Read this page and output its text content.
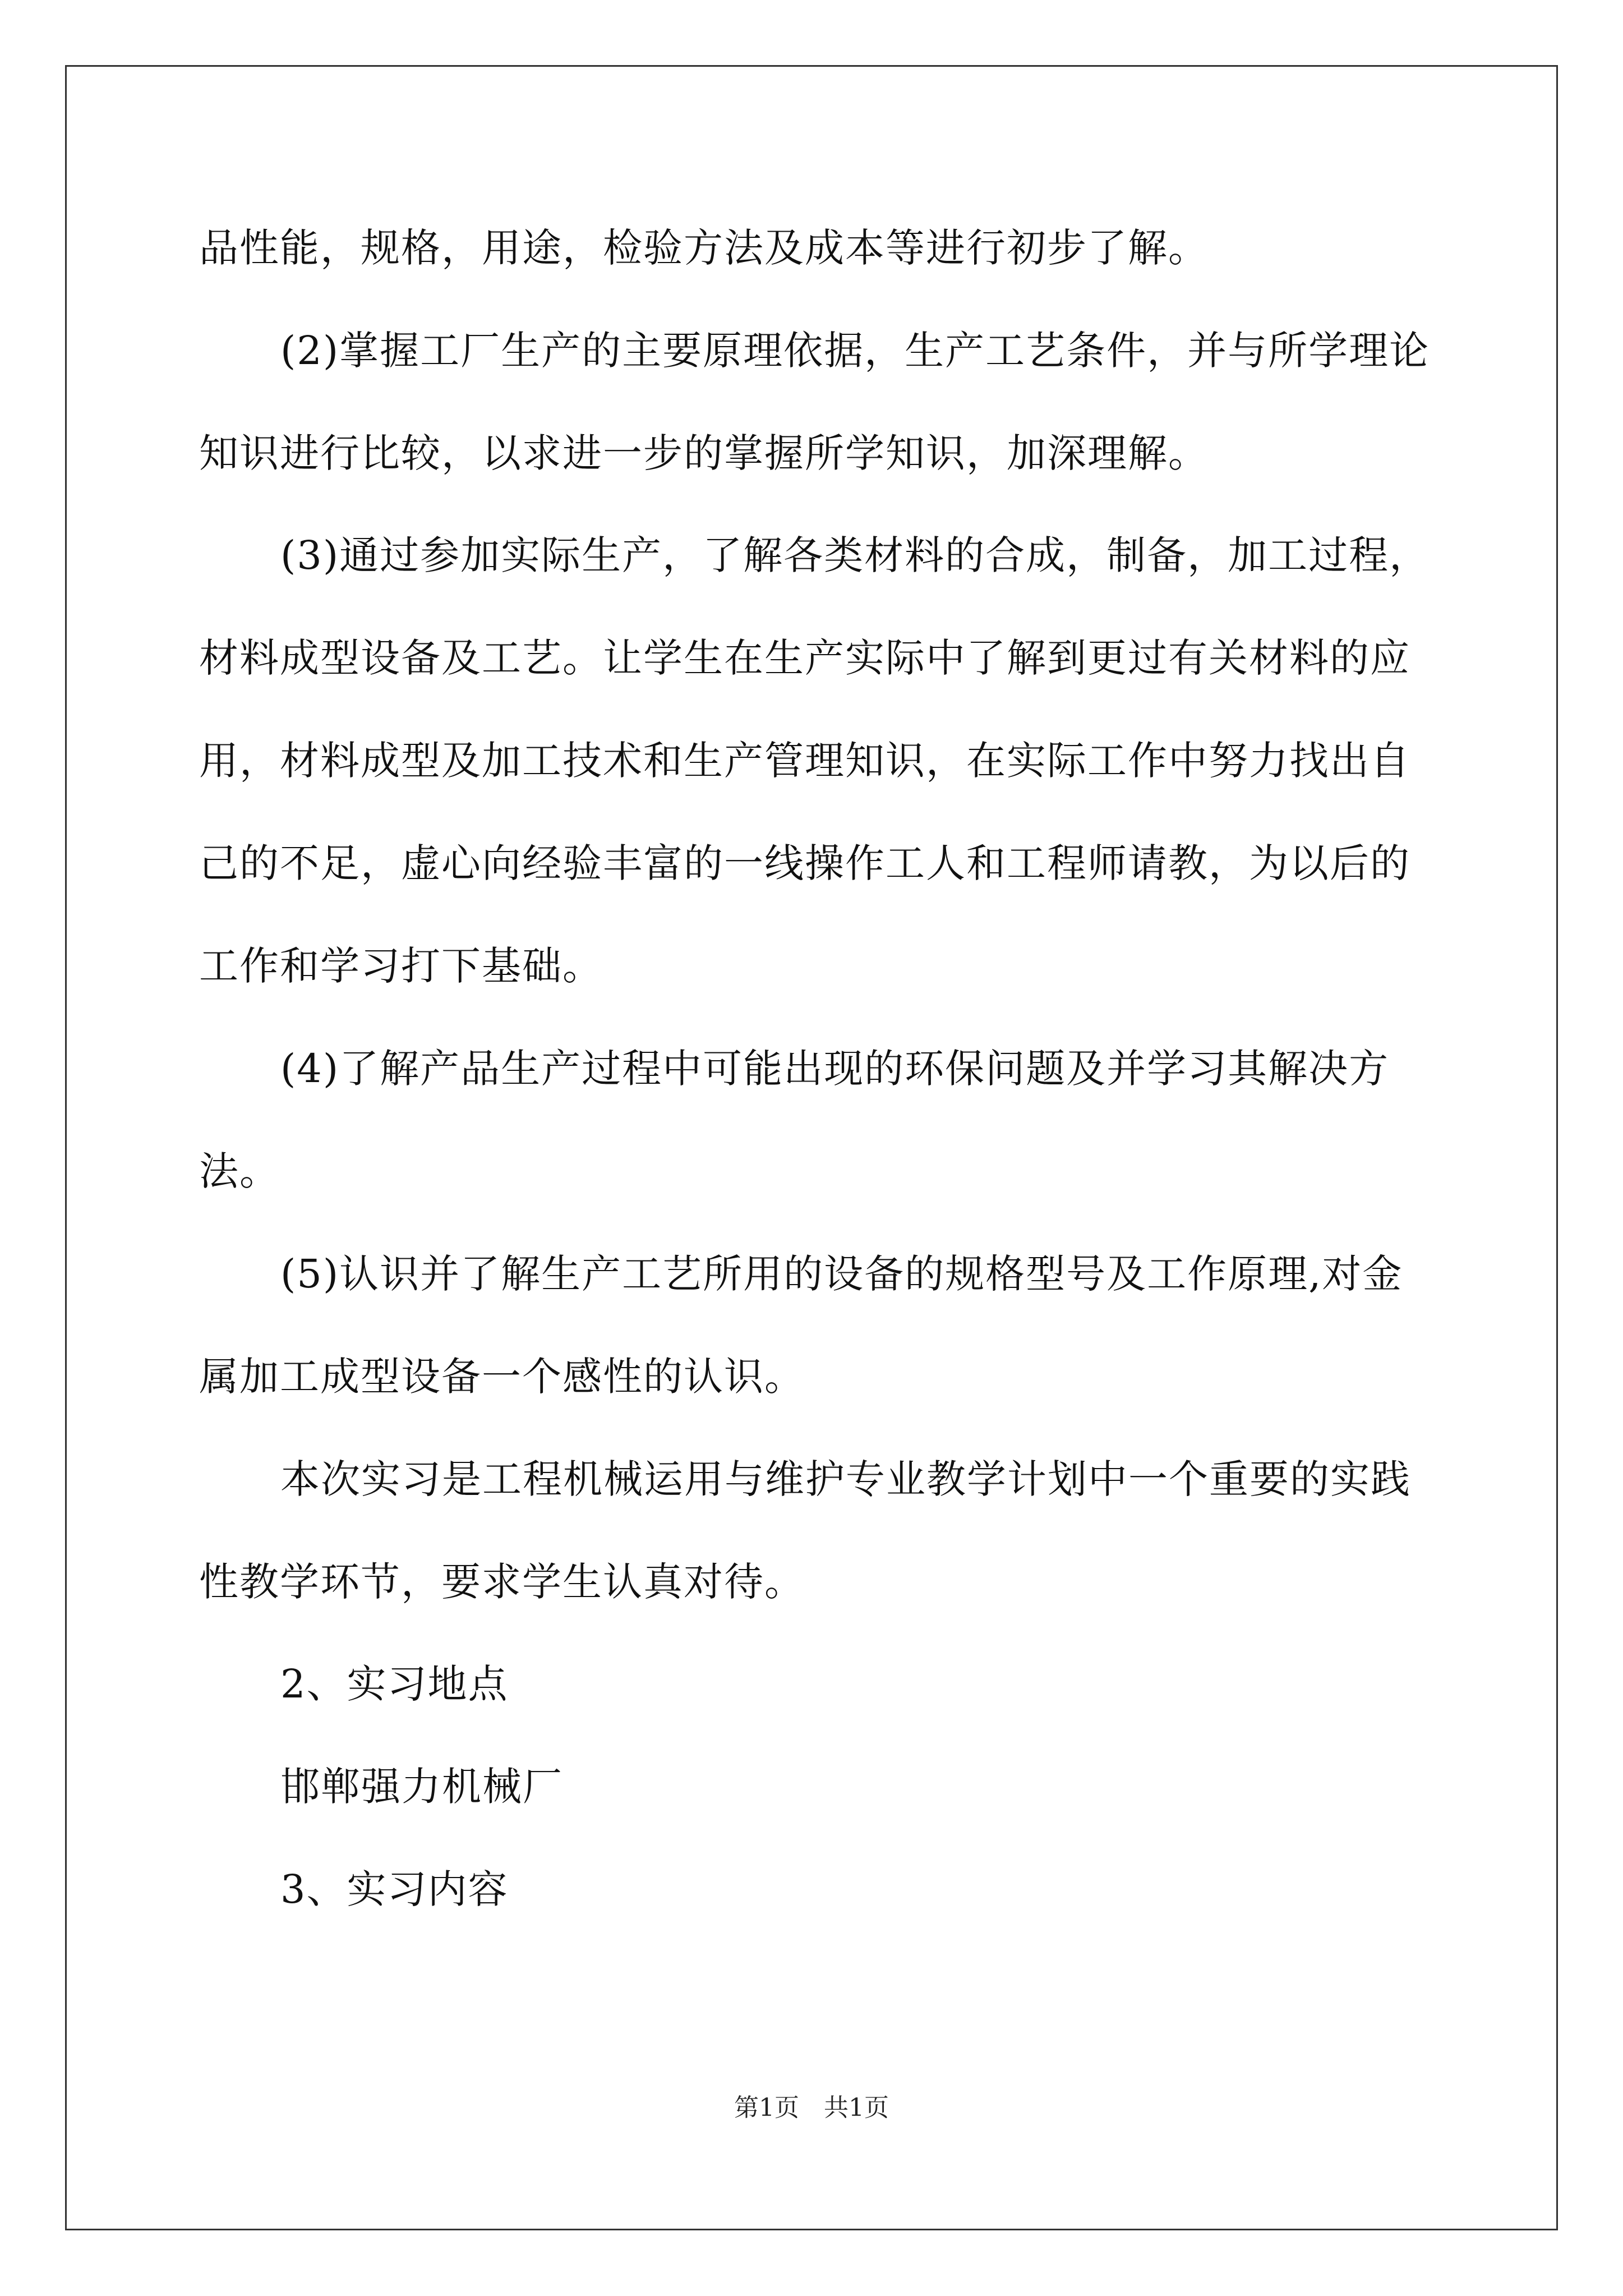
品性能，规格，用途，检验方法及成本等进行初步了解。
(2)掌握工厂生产的主要原理依据，生产工艺条件，并与所学理论
知识进行比较，以求进一步的掌握所学知识，加深理解。
(3)通过参加实际生产，了解各类材料的合成，制备，加工过程，
材料成型设备及工艺。让学生在生产实际中了解到更过有关材料的应
用，材料成型及加工技术和生产管理知识，在实际工作中努力找出自
己的不足，虚心向经验丰富的一线操作工人和工程师请教，为以后的
工作和学习打下基础。
(4)了解产品生产过程中可能出现的环保问题及并学习其解决方
法。
(5)认识并了解生产工艺所用的设备的规格型号及工作原理,对金
属加工成型设备一个感性的认识。
本次实习是工程机械运用与维护专业教学计划中一个重要的实践
性教学环节，要求学生认真对待。
2、实习地点
邯郸强力机械厂
3、实习内容
第1页　共1页
